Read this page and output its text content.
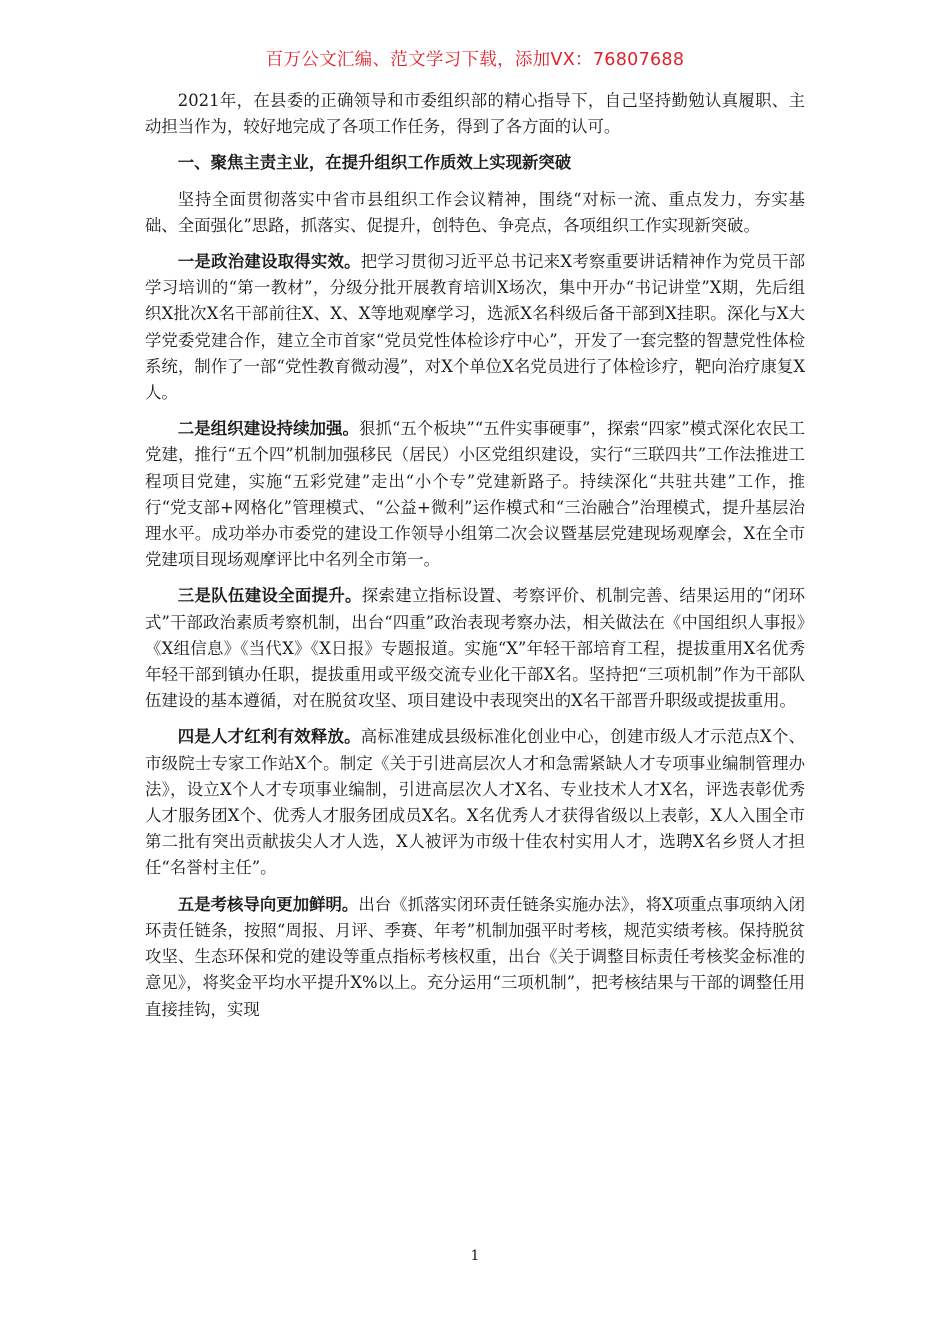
百万公文汇编、范文学习下载，添加VX：76807688

2021年，在县委的正确领导和市委组织部的精心指导下，自己坚持勤勉认真履职、主动担当作为，较好地完成了各项工作任务，得到了各方面的认可。

一、聚焦主责主业，在提升组织工作质效上实现新突破

坚持全面贯彻落实中省市县组织工作会议精神，围绕“对标一流、重点发力，夯实基础、全面强化”思路，抓落实、促提升，创特色、争亮点，各项组织工作实现新突破。

一是政治建设取得实效。把学习贯彻习近平总书记来X考察重要讲话精神作为党员干部学习培训的“第一教材”，分级分批开展教育培训X场次，集中开办“书记讲堂”X期，先后组织X批次X名干部前往X、X、X等地观摩学习，选派X名科级后备干部到X挂职。深化与X大学党委党建合作，建立全市首家“党员党性体检诊疗中心”，开发了一套完整的智慧党性体检系统，制作了一部“党性教育微动漫”，对X个单位X名党员进行了体检诊疗，靶向治疗康复X人。

二是组织建设持续加强。狠抓“五个板块”“五件实事硬事”，探索“四家”模式深化农民工党建，推行“五个四”机制加强移民（居民）小区党组织建设，实行“三联四共”工作法推进工程项目党建，实施“五彩党建”走出“小个专”党建新路子。持续深化“共驻共建”工作，推行“党支部+网格化”管理模式、“公益+微利”运作模式和“三治融合”治理模式，提升基层治理水平。成功举办市委党的建设工作领导小组第二次会议暨基层党建现场观摩会，X在全市党建项目现场观摩评比中名列全市第一。

三是队伍建设全面提升。探索建立指标设置、考察评价、机制完善、结果运用的“闭环式”干部政治素质考察机制，出台“四重”政治表现考察办法，相关做法在《中国组织人事报》《X组信息》《当代X》《X日报》专题报道。实施“X”年轻干部培育工程，提拔重用X名优秀年轻干部到镇办任职，提拔重用或平级交流专业化干部X名。坚持把“三项机制”作为干部队伍建设的基本遵循，对在脱贫攻坚、项目建设中表现突出的X名干部晋升职级或提拔重用。

四是人才红利有效释放。高标准建成县级标准化创业中心，创建市级人才示范点X个、市级院士专家工作站X个。制定《关于引进高层次人才和急需紧缺人才专项事业编制管理办法》，设立X个人才专项事业编制，引进高层次人才X名、专业技术人才X名，评选表彰优秀人才服务团X个、优秀人才服务团成员X名。X名优秀人才获得省级以上表彰，X人入围全市第二批有突出贡献拔尖人才人选，X人被评为市级十佳农村实用人才，选聘X名乡贤人才担任“名誉村主任”。

五是考核导向更加鲜明。出台《抓落实闭环责任链条实施办法》，将X项重点事项纳入闭环责任链条，按照“周报、月评、季赛、年考”机制加强平时考核，规范实绩考核。保持脱贫攻坚、生态环保和党的建设等重点指标考核权重，出台《关于调整目标责任考核奖金标准的意见》，将奖金平均水平提升X%以上。充分运用“三项机制”，把考核结果与干部的调整任用直接挂钩，实现

1
